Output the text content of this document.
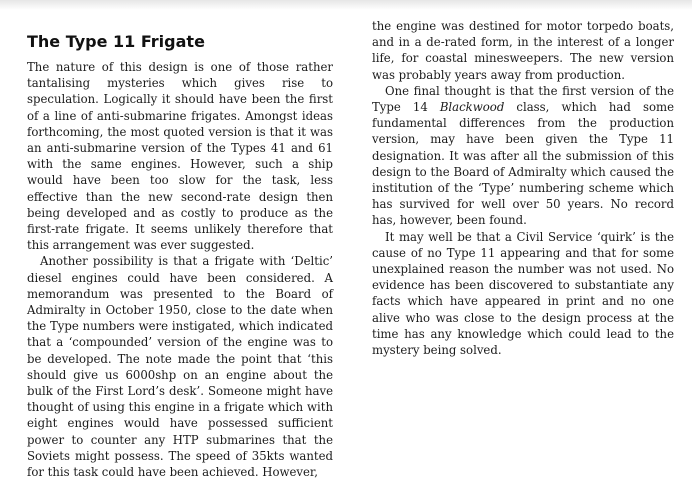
The Type 11 Frigate

The nature of this design is one of those rather tantalising mysteries which gives rise to speculation. Logically it should have been the first of a line of anti-submarine frigates. Amongst ideas forthcoming, the most quoted version is that it was an anti-submarine version of the Types 41 and 61 with the same engines. However, such a ship would have been too slow for the task, less effective than the new second-rate design then being developed and as costly to produce as the first-rate frigate. It seems unlikely therefore that this arrangement was ever suggested.

Another possibility is that a frigate with ‘Deltic’ diesel engines could have been considered. A memorandum was presented to the Board of Admiralty in October 1950, close to the date when the Type numbers were instigated, which indicated that a ‘compounded’ version of the engine was to be developed. The note made the point that ‘this should give us 6000shp on an engine about the bulk of the First Lord’s desk’. Someone might have thought of using this engine in a frigate which with eight engines would have possessed sufficient power to counter any HTP submarines that the Soviets might possess. The speed of 35kts wanted for this task could have been achieved. However,

the engine was destined for motor torpedo boats, and in a de-rated form, in the interest of a longer life, for coastal minesweepers. The new version was probably years away from production.

One final thought is that the first version of the Type 14 Blackwood class, which had some fundamental differences from the production version, may have been given the Type 11 designation. It was after all the submission of this design to the Board of Admiralty which caused the institution of the ‘Type’ numbering scheme which has survived for well over 50 years. No record has, however, been found.

It may well be that a Civil Service ‘quirk’ is the cause of no Type 11 appearing and that for some unexplained reason the number was not used. No evidence has been discovered to substantiate any facts which have appeared in print and no one alive who was close to the design process at the time has any knowledge which could lead to the mystery being solved.
